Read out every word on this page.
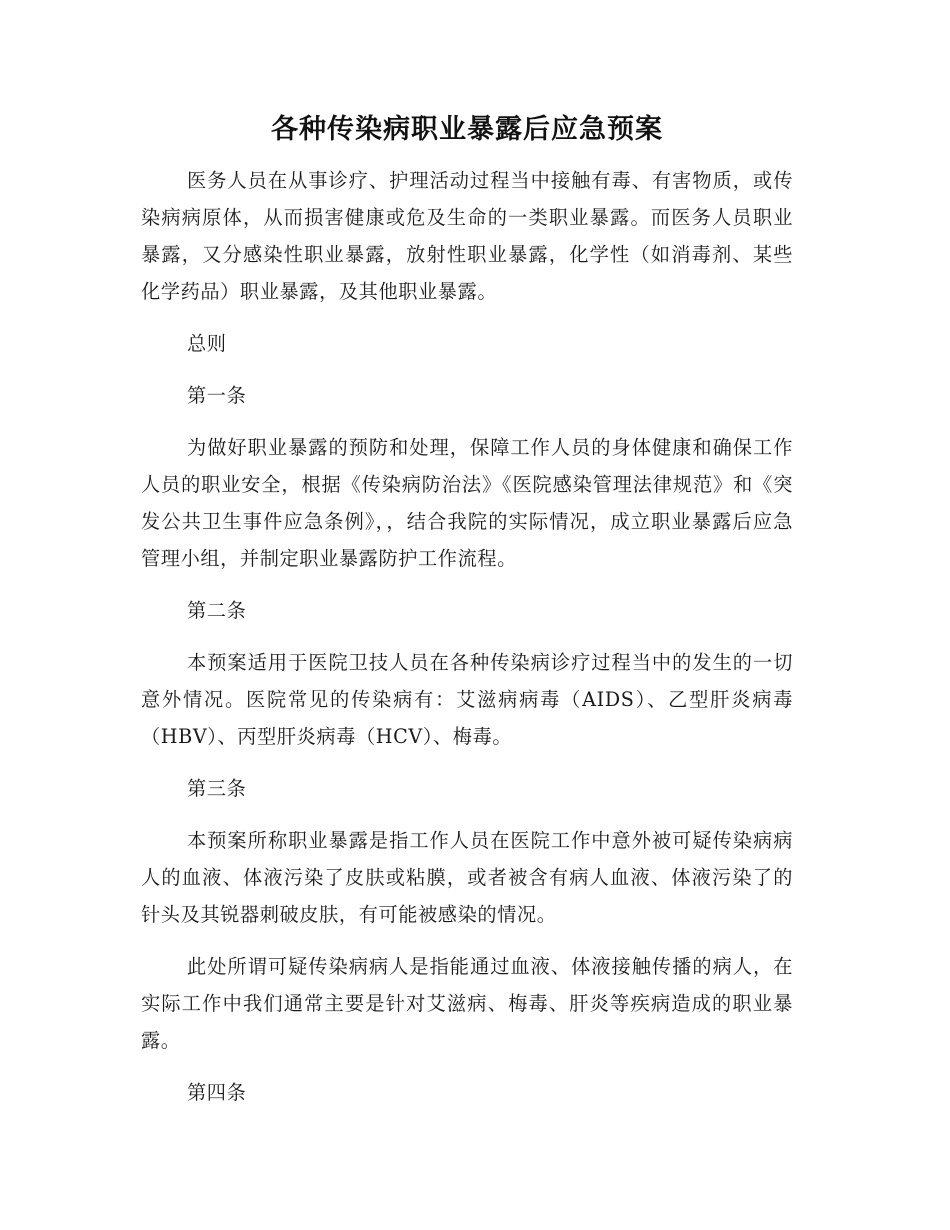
各种传染病职业暴露后应急预案

医务人员在从事诊疗、护理活动过程当中接触有毒、有害物质，或传染病病原体，从而损害健康或危及生命的一类职业暴露。而医务人员职业暴露，又分感染性职业暴露，放射性职业暴露，化学性（如消毒剂、某些化学药品）职业暴露，及其他职业暴露。

总则

第一条

为做好职业暴露的预防和处理，保障工作人员的身体健康和确保工作人员的职业安全，根据《传染病防治法》《医院感染管理法律规范》和《突发公共卫生事件应急条例》，，结合我院的实际情况，成立职业暴露后应急管理小组，并制定职业暴露防护工作流程。

第二条

本预案适用于医院卫技人员在各种传染病诊疗过程当中的发生的一切意外情况。医院常见的传染病有：艾滋病病毒（AIDS）、乙型肝炎病毒（HBV）、丙型肝炎病毒（HCV）、梅毒。

第三条

本预案所称职业暴露是指工作人员在医院工作中意外被可疑传染病病人的血液、体液污染了皮肤或粘膜，或者被含有病人血液、体液污染了的针头及其锐器刺破皮肤，有可能被感染的情况。

此处所谓可疑传染病病人是指能通过血液、体液接触传播的病人，在实际工作中我们通常主要是针对艾滋病、梅毒、肝炎等疾病造成的职业暴露。

第四条
